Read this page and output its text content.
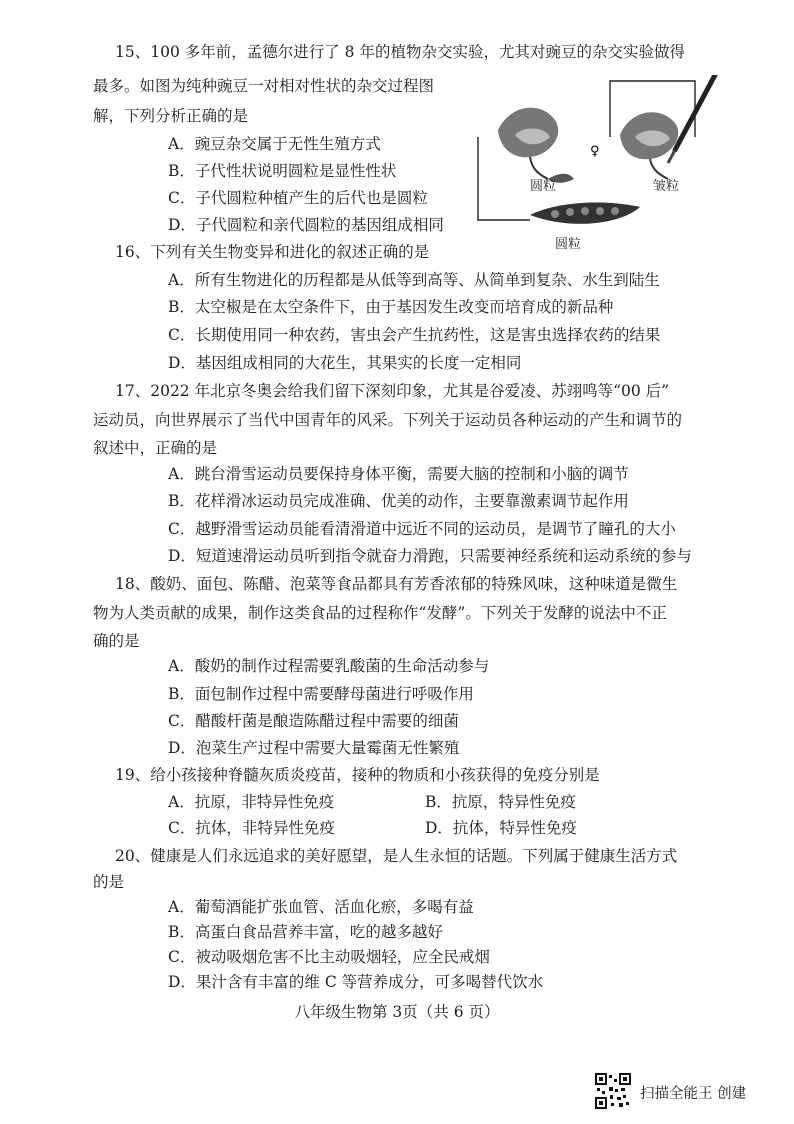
15、100 多年前，孟德尔进行了 8 年的植物杂交实验，尤其对豌豆的杂交实验做得
最多。如图为纯种豌豆一对相对性状的杂交过程图
解，下列分析正确的是
A．豌豆杂交属于无性生殖方式
B．子代性状说明圆粒是显性性状
C．子代圆粒种植产生的后代也是圆粒
D．子代圆粒和亲代圆粒的基因组成相同
♀
圆粒	皱粒
圆粒
16、下列有关生物变异和进化的叙述正确的是
A．所有生物进化的历程都是从低等到高等、从简单到复杂、水生到陆生
B．太空椒是在太空条件下，由于基因发生改变而培育成的新品种
C．长期使用同一种农药，害虫会产生抗药性，这是害虫选择农药的结果
D．基因组成相同的大花生，其果实的长度一定相同
17、2022 年北京冬奥会给我们留下深刻印象，尤其是谷爱凌、苏翊鸣等“00 后”
运动员，向世界展示了当代中国青年的风采。下列关于运动员各种运动的产生和调节的
叙述中，正确的是
A．跳台滑雪运动员要保持身体平衡，需要大脑的控制和小脑的调节
B．花样滑冰运动员完成准确、优美的动作，主要靠激素调节起作用
C．越野滑雪运动员能看清滑道中远近不同的运动员，是调节了瞳孔的大小
D．短道速滑运动员听到指令就奋力滑跑，只需要神经系统和运动系统的参与
18、酸奶、面包、陈醋、泡菜等食品都具有芳香浓郁的特殊风味，这种味道是微生
物为人类贡献的成果，制作这类食品的过程称作“发酵”。下列关于发酵的说法中不正
确的是
A．酸奶的制作过程需要乳酸菌的生命活动参与
B．面包制作过程中需要酵母菌进行呼吸作用
C．醋酸杆菌是酿造陈醋过程中需要的细菌
D．泡菜生产过程中需要大量霉菌无性繁殖
19、给小孩接种脊髓灰质炎疫苗，接种的物质和小孩获得的免疫分别是
A．抗原，非特异性免疫	B．抗原，特异性免疫
C．抗体，非特异性免疫	D．抗体，特异性免疫
20、健康是人们永远追求的美好愿望，是人生永恒的话题。下列属于健康生活方式
的是
A．葡萄酒能扩张血管、活血化瘀，多喝有益
B．高蛋白食品营养丰富，吃的越多越好
C．被动吸烟危害不比主动吸烟轻，应全民戒烟
D．果汁含有丰富的维 C 等营养成分，可多喝替代饮水
八年级生物第 3页（共 6 页）
扫描全能王 创建
